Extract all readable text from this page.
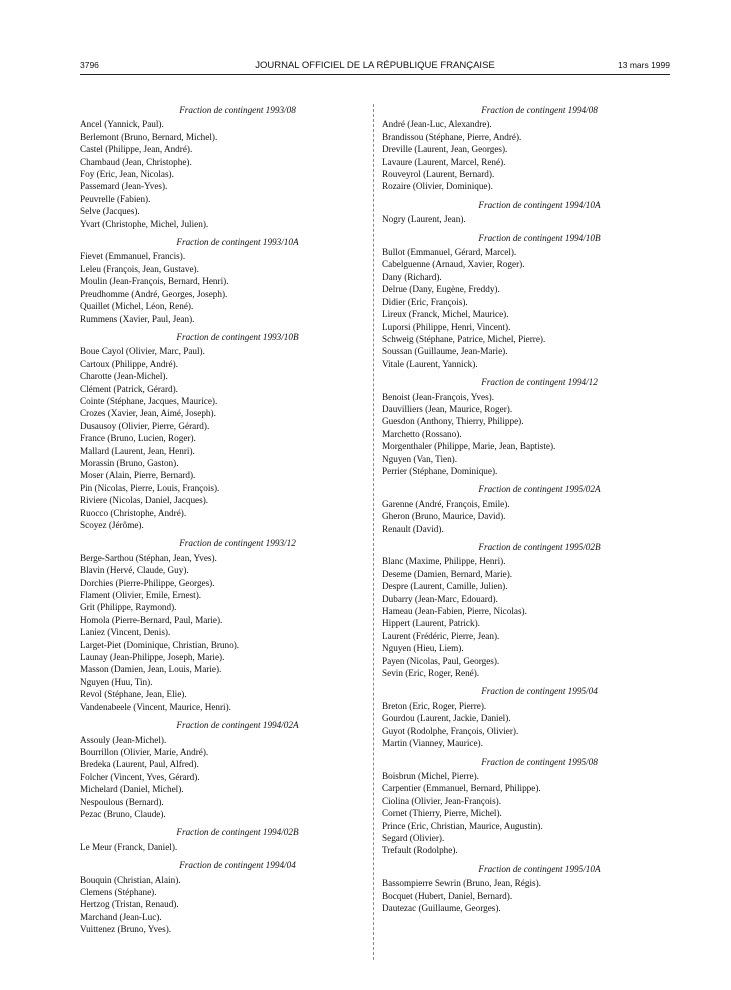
3796	JOURNAL OFFICIEL DE LA RÉPUBLIQUE FRANÇAISE	13 mars 1999
Fraction de contingent 1993/08
Ancel (Yannick, Paul).
Berlemont (Bruno, Bernard, Michel).
Castel (Philippe, Jean, André).
Chambaud (Jean, Christophe).
Foy (Eric, Jean, Nicolas).
Passemard (Jean-Yves).
Peuvrelle (Fabien).
Selve (Jacques).
Yvart (Christophe, Michel, Julien).
Fraction de contingent 1993/10A
Fievet (Emmanuel, Francis).
Leleu (François, Jean, Gustave).
Moulin (Jean-François, Bernard, Henri).
Preudhomme (André, Georges, Joseph).
Quaillet (Michel, Léon, René).
Rummens (Xavier, Paul, Jean).
Fraction de contingent 1993/10B
Boue Cayol (Olivier, Marc, Paul).
Cartoux (Philippe, André).
Charotte (Jean-Michel).
Clément (Patrick, Gérard).
Cointe (Stéphane, Jacques, Maurice).
Crozes (Xavier, Jean, Aimé, Joseph).
Dusausoy (Olivier, Pierre, Gérard).
France (Bruno, Lucien, Roger).
Mallard (Laurent, Jean, Henri).
Morassin (Bruno, Gaston).
Moser (Alain, Pierre, Bernard).
Pin (Nicolas, Pierre, Louis, François).
Riviere (Nicolas, Daniel, Jacques).
Ruocco (Christophe, André).
Scoyez (Jérôme).
Fraction de contingent 1993/12
Berge-Sarthou (Stéphan, Jean, Yves).
Blavin (Hervé, Claude, Guy).
Dorchies (Pierre-Philippe, Georges).
Flament (Olivier, Emile, Ernest).
Grit (Philippe, Raymond).
Homola (Pierre-Bernard, Paul, Marie).
Laniez (Vincent, Denis).
Larget-Piet (Dominique, Christian, Bruno).
Launay (Jean-Philippe, Joseph, Marie).
Masson (Damien, Jean, Louis, Marie).
Nguyen (Huu, Tin).
Revol (Stéphane, Jean, Elie).
Vandenabeele (Vincent, Maurice, Henri).
Fraction de contingent 1994/02A
Assouly (Jean-Michel).
Bourrillon (Olivier, Marie, André).
Bredeka (Laurent, Paul, Alfred).
Folcher (Vincent, Yves, Gérard).
Michelard (Daniel, Michel).
Nespoulous (Bernard).
Pezac (Bruno, Claude).
Fraction de contingent 1994/02B
Le Meur (Franck, Daniel).
Fraction de contingent 1994/04
Bouquin (Christian, Alain).
Clemens (Stéphane).
Hertzog (Tristan, Renaud).
Marchand (Jean-Luc).
Vuittenez (Bruno, Yves).
Fraction de contingent 1994/08
André (Jean-Luc, Alexandre).
Brandissou (Stéphane, Pierre, André).
Dreville (Laurent, Jean, Georges).
Lavaure (Laurent, Marcel, René).
Rouveyrol (Laurent, Bernard).
Rozaire (Olivier, Dominique).
Fraction de contingent 1994/10A
Nogry (Laurent, Jean).
Fraction de contingent 1994/10B
Bullot (Emmanuel, Gérard, Marcel).
Cabelguenne (Arnaud, Xavier, Roger).
Dany (Richard).
Delrue (Dany, Eugène, Freddy).
Didier (Eric, François).
Lireux (Franck, Michel, Maurice).
Luporsi (Philippe, Henri, Vincent).
Schweig (Stéphane, Patrice, Michel, Pierre).
Soussan (Guillaume, Jean-Marie).
Vitale (Laurent, Yannick).
Fraction de contingent 1994/12
Benoist (Jean-François, Yves).
Dauvilliers (Jean, Maurice, Roger).
Guesdon (Anthony, Thierry, Philippe).
Marchetto (Rossano).
Morgenthaler (Philippe, Marie, Jean, Baptiste).
Nguyen (Van, Tien).
Perrier (Stéphane, Dominique).
Fraction de contingent 1995/02A
Garenne (André, François, Emile).
Gheron (Bruno, Maurice, David).
Renault (David).
Fraction de contingent 1995/02B
Blanc (Maxime, Philippe, Henri).
Deseme (Damien, Bernard, Marie).
Despre (Laurent, Camille, Julien).
Dubarry (Jean-Marc, Edouard).
Hameau (Jean-Fabien, Pierre, Nicolas).
Hippert (Laurent, Patrick).
Laurent (Frédéric, Pierre, Jean).
Nguyen (Hieu, Liem).
Payen (Nicolas, Paul, Georges).
Sevin (Eric, Roger, René).
Fraction de contingent 1995/04
Breton (Eric, Roger, Pierre).
Gourdou (Laurent, Jackie, Daniel).
Guyot (Rodolphe, François, Olivier).
Martin (Vianney, Maurice).
Fraction de contingent 1995/08
Boisbrun (Michel, Pierre).
Carpentier (Emmanuel, Bernard, Philippe).
Ciolina (Olivier, Jean-François).
Cornet (Thierry, Pierre, Michel).
Prince (Eric, Christian, Maurice, Augustin).
Segard (Olivier).
Trefault (Rodolphe).
Fraction de contingent 1995/10A
Bassompierre Sewrin (Bruno, Jean, Régis).
Bocquet (Hubert, Daniel, Bernard).
Dautezac (Guillaume, Georges).
